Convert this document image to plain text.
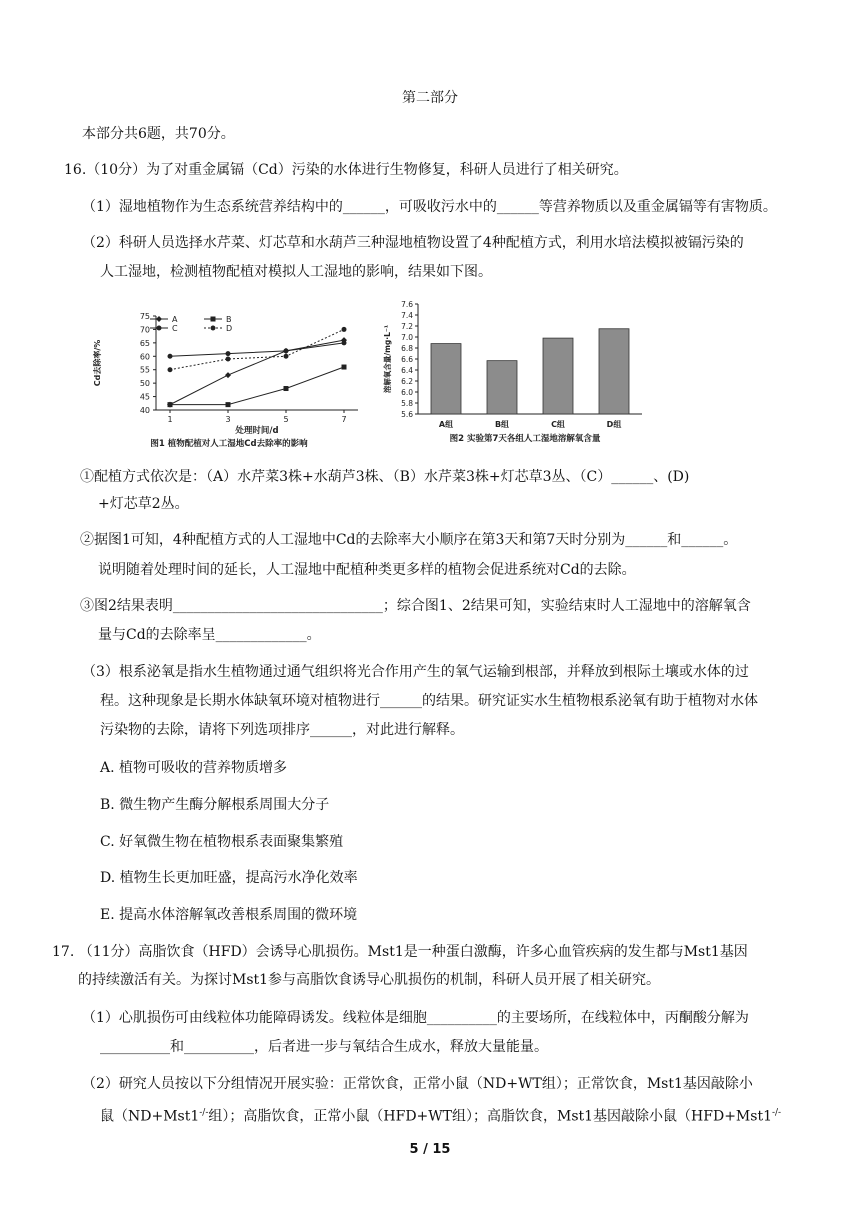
第二部分
本部分共6题，共70分。
16.（10分）为了对重金属镉（Cd）污染的水体进行生物修复，科研人员进行了相关研究。
（1）湿地植物作为生态系统营养结构中的______，可吸收污水中的______等营养物质以及重金属镉等有害物质。
（2）科研人员选择水芹菜、灯芯草和水葫芦三种湿地植物设置了4种配植方式，利用水培法模拟被镉污染的
人工湿地，检测植物配植对模拟人工湿地的影响，结果如下图。
40
45
50
55
60
65
70
75
1	3	5	7
处理时间/d
Cd去除率/%
图1 植物配植对人工湿地Cd去除率的影响
A	B
C	D
5.6
5.8
6.0
6.2
6.4
6.6
6.8
7.0
7.2
7.4
7.6
A组	B组	C组	D组
溶解氧含量/mg·L⁻¹
图2 实验第7天各组人工湿地溶解氧含量
①配植方式依次是：（A）水芹菜3株+水葫芦3株、（B）水芹菜3株+灯芯草3丛、（C）______、(D)
+灯芯草2丛。
②据图1可知，4种配植方式的人工湿地中Cd的去除率大小顺序在第3天和第7天时分别为______和______。
说明随着处理时间的延长，人工湿地中配植种类更多样的植物会促进系统对Cd的去除。
③图2结果表明______________________________；综合图1、2结果可知，实验结束时人工湿地中的溶解氧含
量与Cd的去除率呈_____________。
（3）根系泌氧是指水生植物通过通气组织将光合作用产生的氧气运输到根部，并释放到根际土壤或水体的过
程。这种现象是长期水体缺氧环境对植物进行______的结果。研究证实水生植物根系泌氧有助于植物对水体
污染物的去除，请将下列选项排序______，对此进行解释。
A. 植物可吸收的营养物质增多
B. 微生物产生酶分解根系周围大分子
C. 好氧微生物在植物根系表面聚集繁殖
D. 植物生长更加旺盛，提高污水净化效率
E. 提高水体溶解氧改善根系周围的微环境
17. （11分）高脂饮食（HFD）会诱导心肌损伤。Mst1是一种蛋白激酶，许多心血管疾病的发生都与Mst1基因
的持续激活有关。为探讨Mst1参与高脂饮食诱导心肌损伤的机制，科研人员开展了相关研究。
（1）心肌损伤可由线粒体功能障碍诱发。线粒体是细胞__________的主要场所，在线粒体中，丙酮酸分解为
__________和__________，后者进一步与氧结合生成水，释放大量能量。
（2）研究人员按以下分组情况开展实验：正常饮食，正常小鼠（ND+WT组）；正常饮食，Mst1基因敲除小
鼠（ND+Mst1-/-组）；高脂饮食，正常小鼠（HFD+WT组）；高脂饮食，Mst1基因敲除小鼠（HFD+Mst1-/-
5 / 15
